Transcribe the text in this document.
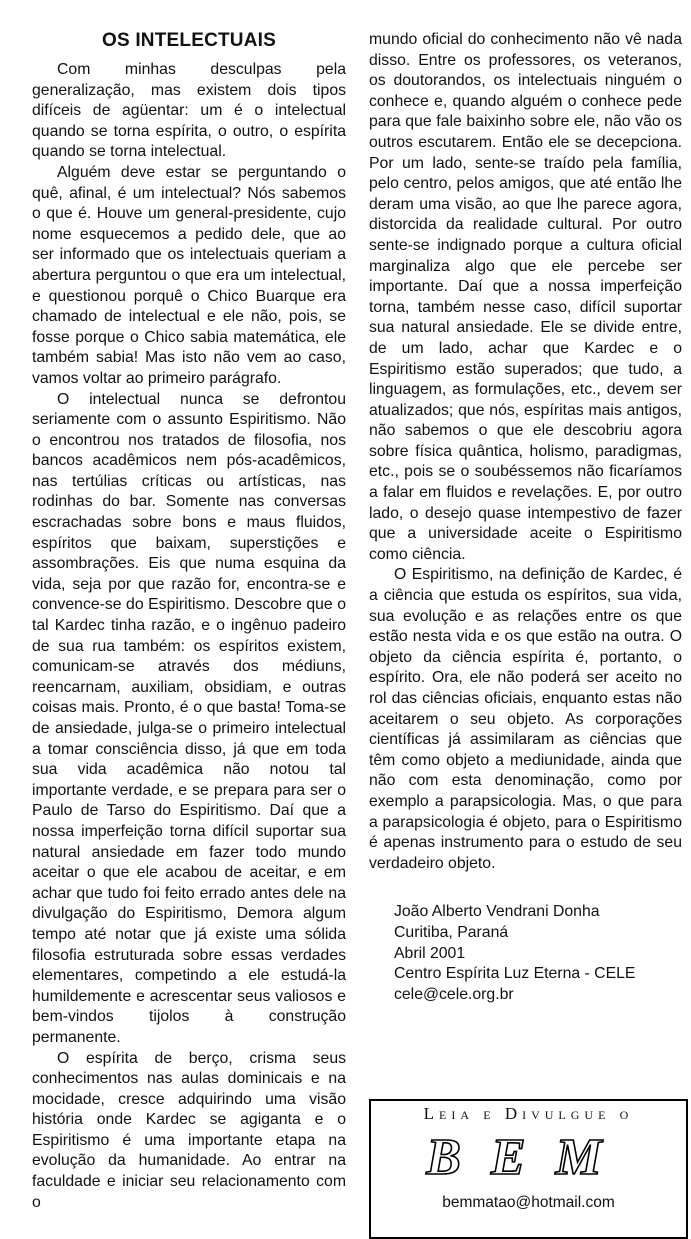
OS INTELECTUAIS

Com minhas desculpas pela generalização, mas existem dois tipos difíceis de agüentar: um é o intelectual quando se torna espírita, o outro, o espírita quando se torna intelectual.

Alguém deve estar se perguntando o quê, afinal, é um intelectual? Nós sabemos o que é. Houve um general-presidente, cujo nome esquecemos a pedido dele, que ao ser informado que os intelectuais queriam a abertura perguntou o que era um intelectual, e questionou porquê o Chico Buarque era chamado de intelectual e ele não, pois, se fosse porque o Chico sabia matemática, ele também sabia! Mas isto não vem ao caso, vamos voltar ao primeiro parágrafo.

O intelectual nunca se defrontou seriamente com o assunto Espiritismo. Não o encontrou nos tratados de filosofia, nos bancos acadêmicos nem pós-acadêmicos, nas tertúlias críticas ou artísticas, nas rodinhas do bar. Somente nas conversas escrachadas sobre bons e maus fluidos, espíritos que baixam, superstições e assombrações. Eis que numa esquina da vida, seja por que razão for, encontra-se e convence-se do Espiritismo. Descobre que o tal Kardec tinha razão, e o ingênuo padeiro de sua rua também: os espíritos existem, comunicam-se através dos médiuns, reencarnam, auxiliam, obsidiam, e outras coisas mais. Pronto, é o que basta! Toma-se de ansiedade, julga-se o primeiro intelectual a tomar consciência disso, já que em toda sua vida acadêmica não notou tal importante verdade, e se prepara para ser o Paulo de Tarso do Espiritismo. Daí que a nossa imperfeição torna difícil suportar sua natural ansiedade em fazer todo mundo aceitar o que ele acabou de aceitar, e em achar que tudo foi feito errado antes dele na divulgação do Espiritismo, Demora algum tempo até notar que já existe uma sólida filosofia estruturada sobre essas verdades elementares, competindo a ele estudá-la humildemente e acrescentar seus valiosos e bem-vindos tijolos à construção permanente.

O espírita de berço, crisma seus conhecimentos nas aulas dominicais e na mocidade, cresce adquirindo uma visão história onde Kardec se agiganta e o Espiritismo é uma importante etapa na evolução da humanidade. Ao entrar na faculdade e iniciar seu relacionamento com o

mundo oficial do conhecimento não vê nada disso. Entre os professores, os veteranos, os doutorandos, os intelectuais ninguém o conhece e, quando alguém o conhece pede para que fale baixinho sobre ele, não vão os outros escutarem. Então ele se decepciona. Por um lado, sente-se traído pela família, pelo centro, pelos amigos, que até então lhe deram uma visão, ao que lhe parece agora, distorcida da realidade cultural. Por outro sente-se indignado porque a cultura oficial marginaliza algo que ele percebe ser importante. Daí que a nossa imperfeição torna, também nesse caso, difícil suportar sua natural ansiedade. Ele se divide entre, de um lado, achar que Kardec e o Espiritismo estão superados; que tudo, a linguagem, as formulações, etc., devem ser atualizados; que nós, espíritas mais antigos, não sabemos o que ele descobriu agora sobre física quântica, holismo, paradigmas, etc., pois se o soubéssemos não ficaríamos a falar em fluidos e revelações. E, por outro lado, o desejo quase intempestivo de fazer que a universidade aceite o Espiritismo como ciência.

O Espiritismo, na definição de Kardec, é a ciência que estuda os espíritos, sua vida, sua evolução e as relações entre os que estão nesta vida e os que estão na outra. O objeto da ciência espírita é, portanto, o espírito. Ora, ele não poderá ser aceito no rol das ciências oficiais, enquanto estas não aceitarem o seu objeto. As corporações científicas já assimilaram as ciências que têm como objeto a mediunidade, ainda que não com esta denominação, como por exemplo a parapsicologia. Mas, o que para a parapsicologia é objeto, para o Espiritismo é apenas instrumento para o estudo de seu verdadeiro objeto.

João Alberto Vendrani Donha
Curitiba, Paraná
Abril 2001
Centro Espírita Luz Eterna - CELE
cele@cele.org.br
Leia e Divulgue o
BEM
bemmatao@hotmail.com
